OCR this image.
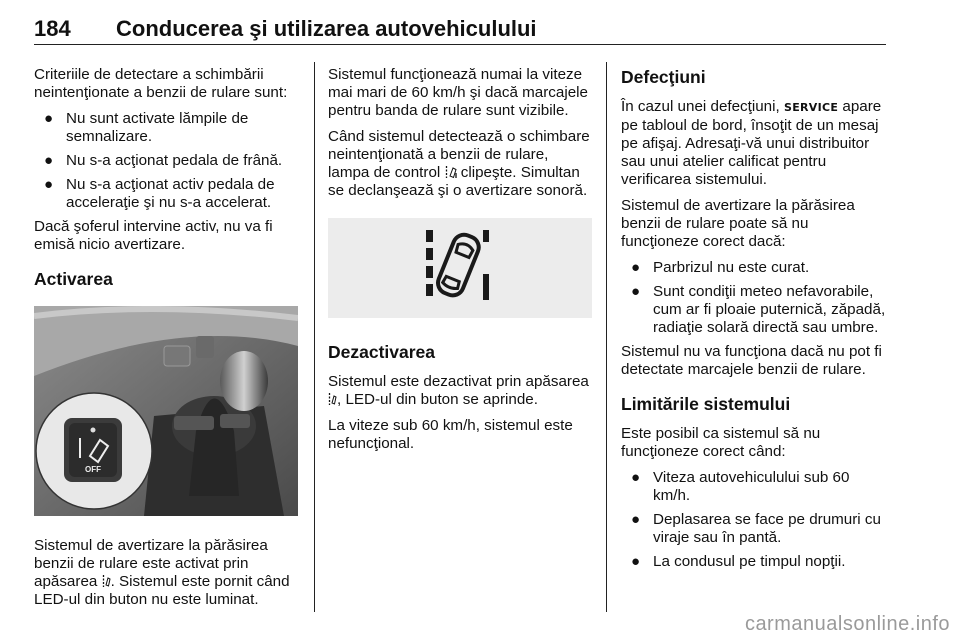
184 Conducerea şi utilizarea autovehiculului

Criteriile de detectare a schimbării neintenţionate a benzii de rulare sunt:

● Nu sunt activate lămpile de semnalizare.
● Nu s-a acţionat pedala de frână.
● Nu s-a acţionat activ pedala de acceleraţie şi nu s-a accelerat.

Dacă şoferul intervine activ, nu va fi emisă nicio avertizare.

Activarea
OFF

Sistemul de avertizare la părăsirea benzii de rulare este activat prin apăsarea . Sistemul este pornit când LED-ul din buton nu este luminat.

Sistemul funcţionează numai la viteze mai mari de 60 km/h şi dacă marcajele pentru banda de rulare sunt vizibile.

Când sistemul detectează o schimbare neintenţionată a benzii de rulare, lampa de control clipeşte. Simultan se declanşează şi o avertizare sonoră.

Dezactivarea

Sistemul este dezactivat prin apăsarea , LED-ul din buton se aprinde.

La viteze sub 60 km/h, sistemul este nefuncţional.

Defecţiuni

În cazul unei defecţiuni, SERVICE apare pe tabloul de bord, însoţit de un mesaj pe afişaj. Adresaţi-vă unui distribuitor sau unui atelier calificat pentru verificarea sistemului.

Sistemul de avertizare la părăsirea benzii de rulare poate să nu funcţioneze corect dacă:

● Parbrizul nu este curat.
● Sunt condiţii meteo nefavorabile, cum ar fi ploaie puternică, zăpadă, radiaţie solară directă sau umbre.

Sistemul nu va funcţiona dacă nu pot fi detectate marcajele benzii de rulare.

Limitările sistemului

Este posibil ca sistemul să nu funcţioneze corect când:

● Viteza autovehiculului sub 60 km/h.
● Deplasarea se face pe drumuri cu viraje sau în pantă.
● La condusul pe timpul nopţii.
carmanualsonline.info
